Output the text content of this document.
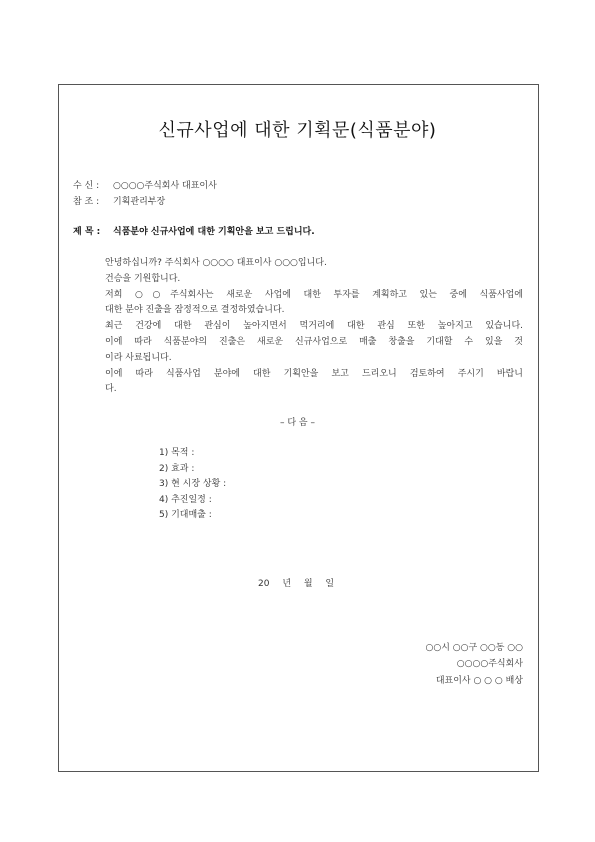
신규사업에 대한 기획문(식품분야)
수 신 : ○○○○주식회사 대표이사
참 조 : 기획관리부장
제 목 : 식품분야 신규사업에 대한 기획안을 보고 드립니다.

안녕하십니까? 주식회사 ○○○○ 대표이사 ○○○입니다.

건승을 기원합니다.

저희 ○○주식회사는 새로운 사업에 대한 투자를 계획하고 있는 중에 식품사업에

대한 분야 진출을 잠정적으로 결정하였습니다.

최근 건강에 대한 관심이 높아지면서 먹거리에 대한 관심 또한 높아지고 있습니다.

이에 따라 식품분야의 진출은 새로운 신규사업으로 매출 창출을 기대할 수 있을 것

이라 사료됩니다.

이에 따라 식품사업 분야에 대한 기획안을 보고 드리오니 검토하여 주시기 바랍니

다.

– 다 음 –
1) 목적 :
2) 효과 :
3) 현 시장 상황 :
4) 추진일정 :
5) 기대매출 :
20 년 월 일
○○시 ○○구 ○○동 ○○
○○○○주식회사
대표이사 ○ ○ ○ 배상
